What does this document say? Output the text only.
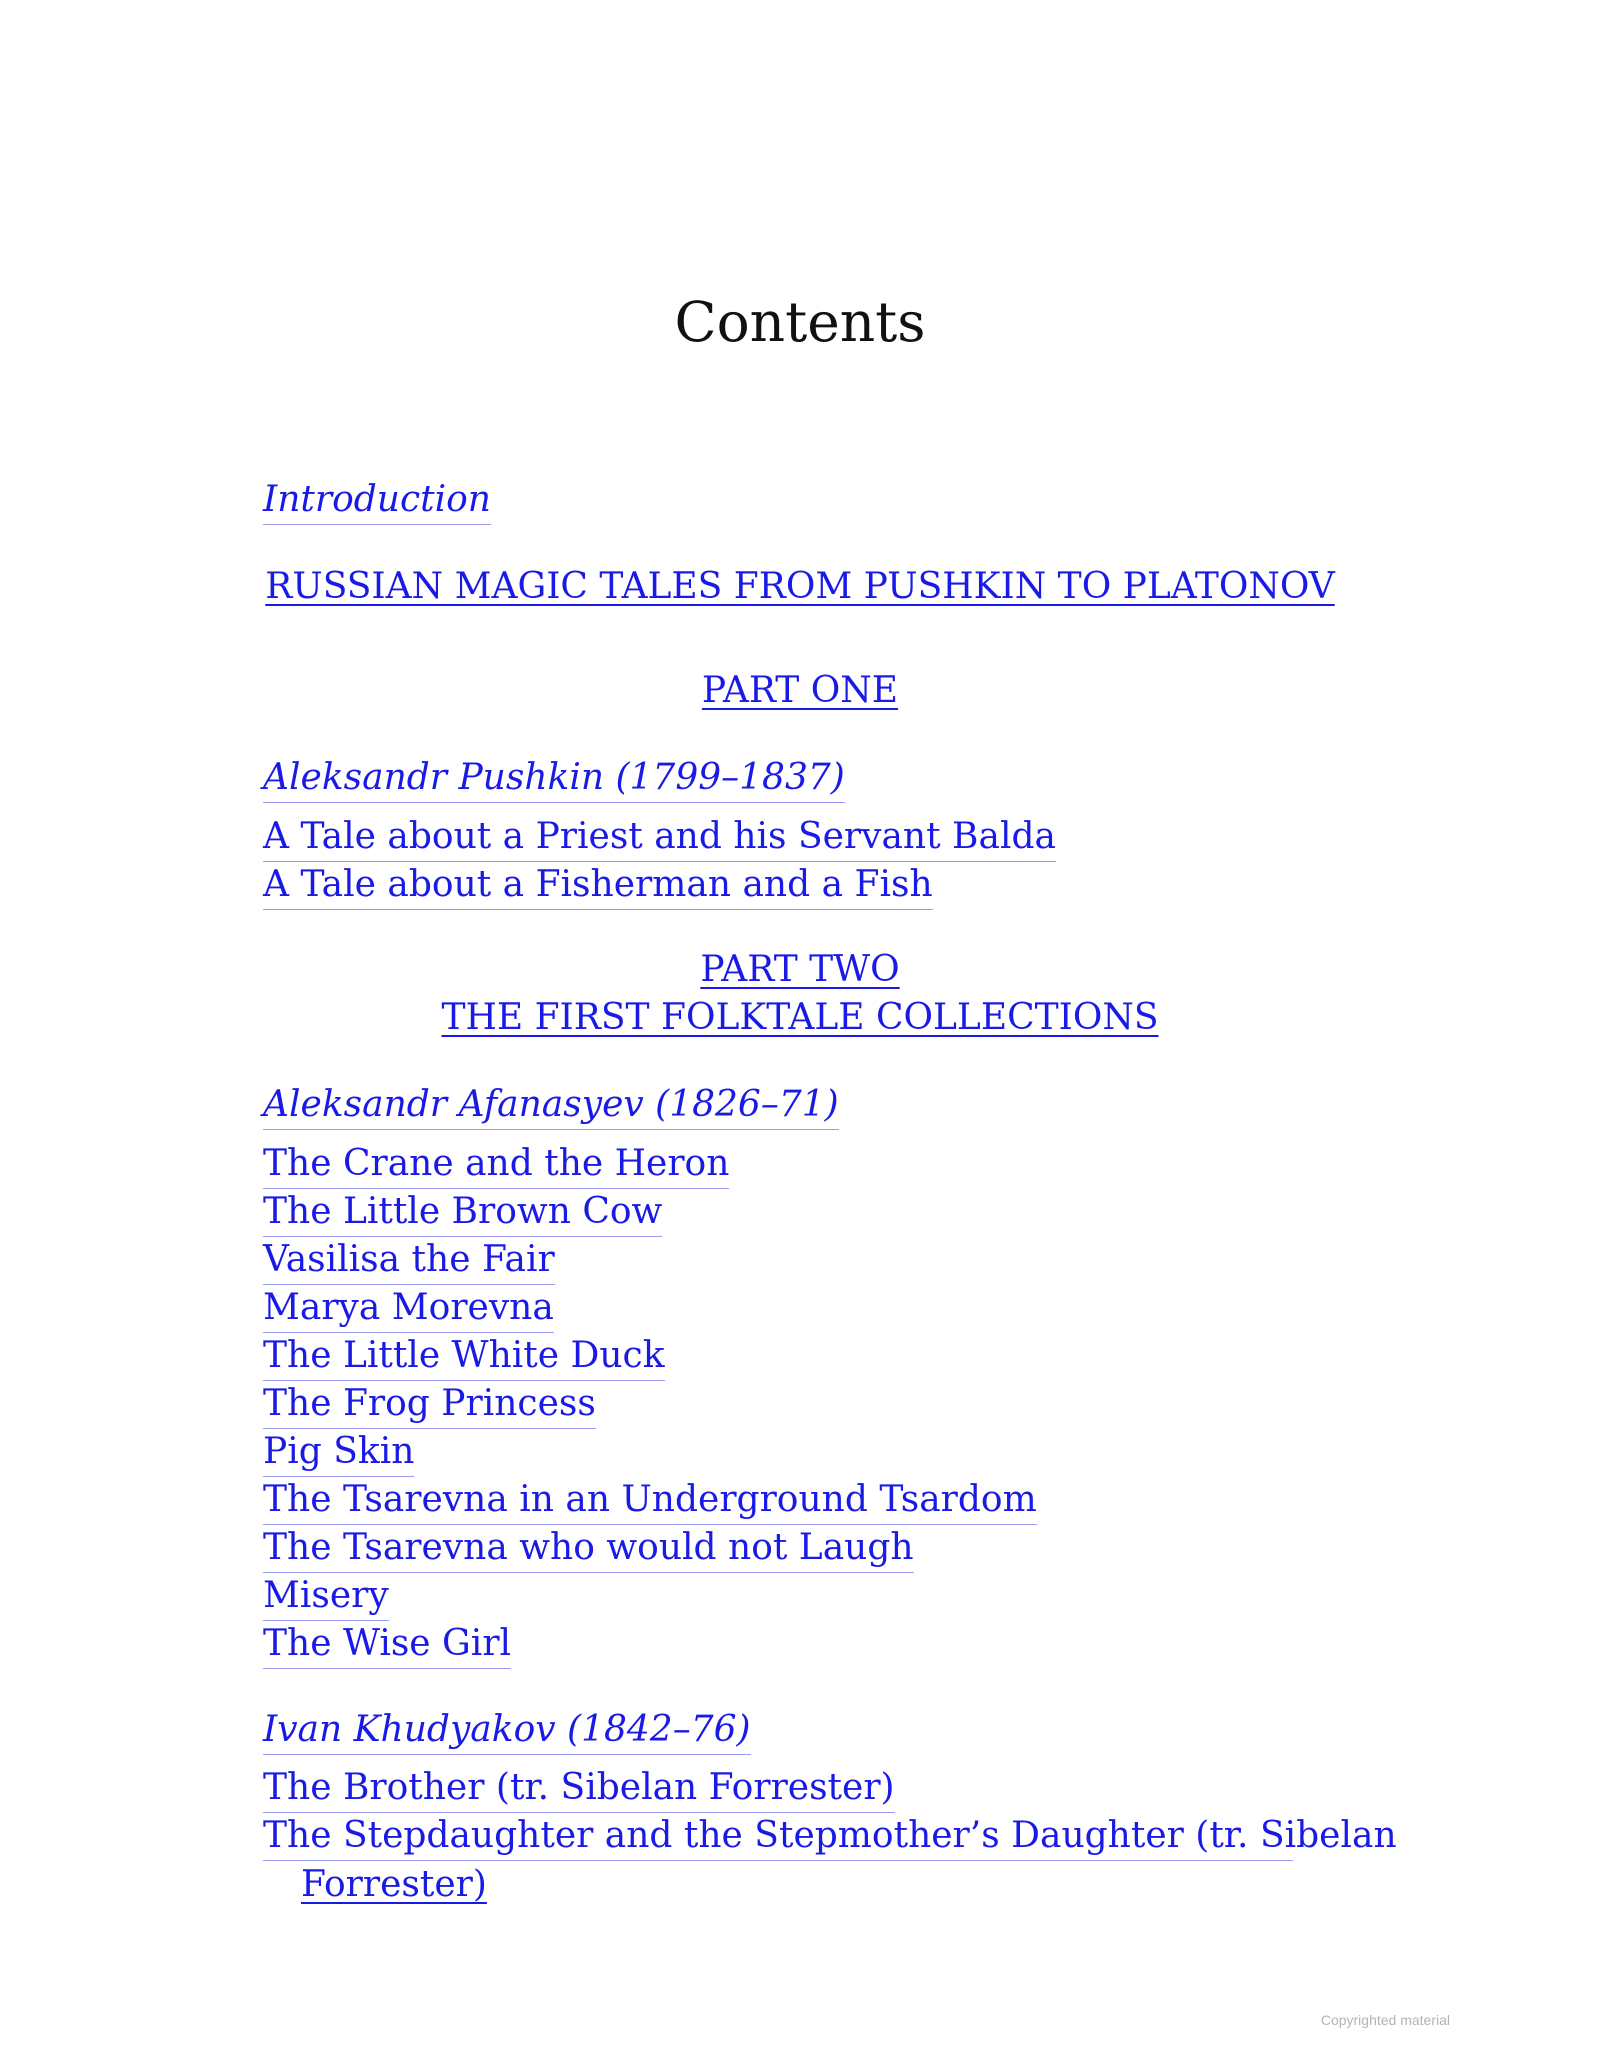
Contents
Introduction
RUSSIAN MAGIC TALES FROM PUSHKIN TO PLATONOV
PART ONE
Aleksandr Pushkin (1799–1837)
A Tale about a Priest and his Servant Balda
A Tale about a Fisherman and a Fish
PART TWO
THE FIRST FOLKTALE COLLECTIONS
Aleksandr Afanasyev (1826–71)
The Crane and the Heron
The Little Brown Cow
Vasilisa the Fair
Marya Morevna
The Little White Duck
The Frog Princess
Pig Skin
The Tsarevna in an Underground Tsardom
The Tsarevna who would not Laugh
Misery
The Wise Girl
Ivan Khudyakov (1842–76)
The Brother (tr. Sibelan Forrester)
The Stepdaughter and the Stepmother’s Daughter (tr. Sibelan
Forrester)
Copyrighted material
